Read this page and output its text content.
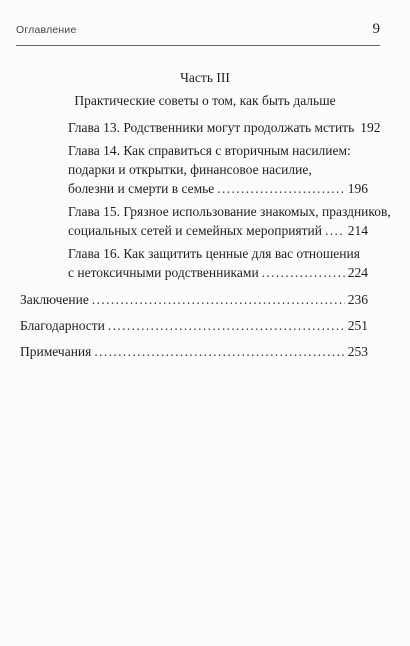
Оглавление	9
Часть III
Практические советы о том, как быть дальше
Глава 13. Родственники могут продолжать мстить 192
Глава 14. Как справиться с вторичным насилием:
подарки и открытки, финансовое насилие,
болезни и смерти в семье . . .	196
Глава 15. Грязное использование знакомых, праздников,
социальных сетей и семейных мероприятий . . . 214
Глава 16. Как защитить ценные для вас отношения
с нетоксичными родственниками . . .	224
Заключение . . .	236
Благодарности . . .	251
Примечания . . .	253
